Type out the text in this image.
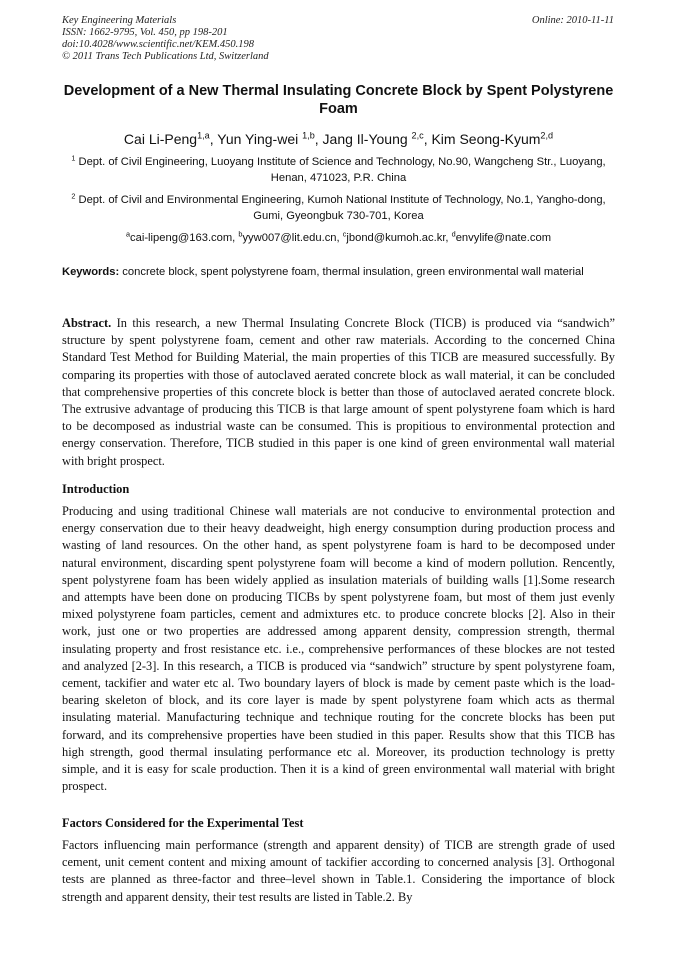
Key Engineering Materials
ISSN: 1662-9795, Vol. 450, pp 198-201
doi:10.4028/www.scientific.net/KEM.450.198
© 2011 Trans Tech Publications Ltd, Switzerland
Online: 2010-11-11
Development of a New Thermal Insulating Concrete Block by Spent Polystyrene Foam
Cai Li-Peng$^{1,a}$, Yun Ying-wei $^{1,b}$, Jang Il-Young $^{2,c}$, Kim Seong-Kyum$^{2,d}$
$^1$ Dept. of Civil Engineering, Luoyang Institute of Science and Technology, No.90, Wangcheng Str., Luoyang, Henan, 471023, P.R. China
$^2$ Dept. of Civil and Environmental Engineering, Kumoh National Institute of Technology, No.1, Yangho-dong, Gumi, Gyeongbuk 730-701, Korea
$^a$cai-lipeng@163.com, $^b$yyw007@lit.edu.cn, $^c$jbond@kumoh.ac.kr, $^d$envylife@nate.com
Keywords: concrete block, spent polystyrene foam, thermal insulation, green environmental wall material
Abstract. In this research, a new Thermal Insulating Concrete Block (TICB) is produced via “sandwich” structure by spent polystyrene foam, cement and other raw materials. According to the concerned China Standard Test Method for Building Material, the main properties of this TICB are measured successfully. By comparing its properties with those of autoclaved aerated concrete block as wall material, it can be concluded that comprehensive properties of this concrete block is better than those of autoclaved aerated concrete block. The extrusive advantage of producing this TICB is that large amount of spent polystyrene foam which is hard to be decomposed as industrial waste can be consumed. This is propitious to environmental protection and energy conservation. Therefore, TICB studied in this paper is one kind of green environmental wall material with bright prospect.
Introduction
Producing and using traditional Chinese wall materials are not conducive to environmental protection and energy conservation due to their heavy deadweight, high energy consumption during production process and wasting of land resources. On the other hand, as spent polystyrene foam is hard to be decomposed under natural environment, discarding spent polystyrene foam will become a kind of modern pollution. Rencently, spent polystyrene foam has been widely applied as insulation materials of building walls [1].Some research and attempts have been done on producing TICBs by spent polystyrene foam, but most of them just evenly mixed polystyrene foam particles, cement and admixtures etc. to produce concrete blocks [2]. Also in their work, just one or two properties are addressed among apparent density, compression strength, thermal insulating property and frost resistance etc. i.e., comprehensive performances of these blockes are not tested and analyzed [2-3]. In this research, a TICB is produced via “sandwich” structure by spent polystyrene foam, cement, tackifier and water etc al. Two boundary layers of block is made by cement paste which is the load-bearing skeleton of block, and its core layer is made by spent polystyrene foam which acts as thermal insulating material. Manufacturing technique and technique routing for the concrete blocks has been put forward, and its comprehensive properties have been studied in this paper. Results show that this TICB has high strength, good thermal insulating performance etc al. Moreover, its production technology is pretty simple, and it is easy for scale production. Then it is a kind of green environmental wall material with bright prospect.
Factors Considered for the Experimental Test
Factors influencing main performance (strength and apparent density) of TICB are strength grade of used cement, unit cement content and mixing amount of tackifier according to concerned analysis [3]. Orthogonal tests are planned as three-factor and three–level shown in Table.1. Considering the importance of block strength and apparent density, their test results are listed in Table.2. By
